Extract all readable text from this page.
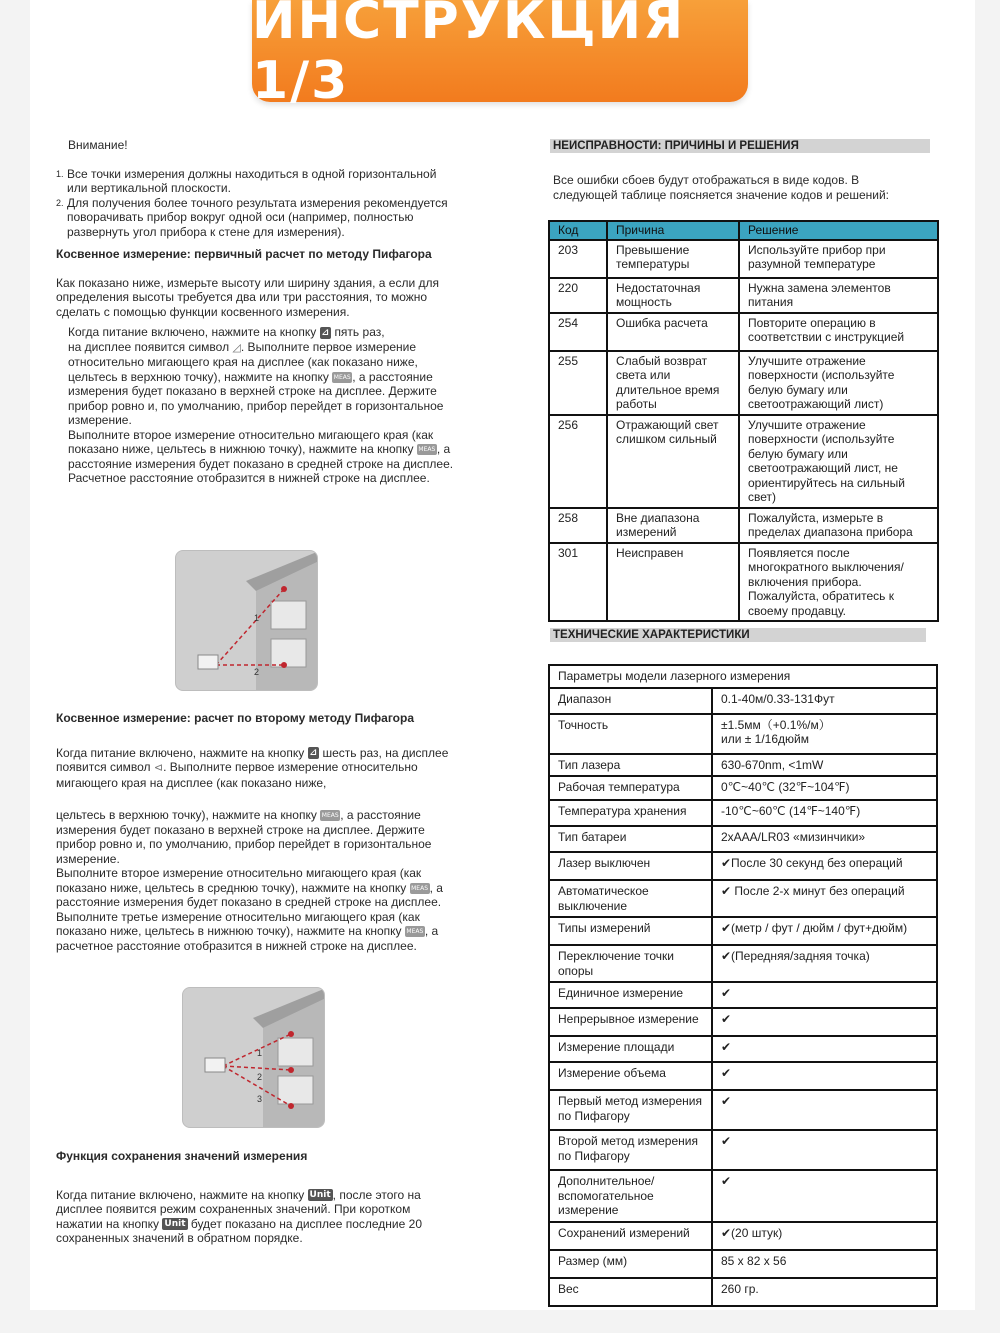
ИНСТРУКЦИЯ 1/3

Внимание!

1. Все точки измерения должны находиться в одной горизонтальной или вертикальной плоскости.
2. Для получения более точного результата измерения рекомендуется поворачивать прибор вокруг одной оси (например, полностью развернуть угол прибора к стене для измерения).

Косвенное измерение: первичный расчет по методу Пифагора

Как показано ниже, измерьте высоту или ширину здания, а если для определения высоты требуется два или три расстояния, то можно сделать с помощью функции косвенного измерения.

Когда питание включено, нажмите на кнопку ⊿ пять раз,

на дисплее появится символ ◿. Выполните первое измерение относительно мигающего края на дисплее (как показано ниже, цельтесь в верхнюю точку), нажмите на кнопку MEAS , а расстояние измерения будет показано в верхней строке на дисплее. Держите прибор ровно и, по умолчанию, прибор перейдет в горизонтальное измерение.

Выполните второе измерение относительно мигающего края (как показано ниже, цельтесь в нижнюю точку), нажмите на кнопку MEAS , а расстояние измерения будет показано в средней строке на дисплее.

Расчетное расстояние отобразится в нижней строке на дисплее.

1
2

Косвенное измерение: расчет по второму методу Пифагора

Когда питание включено, нажмите на кнопку ⊿ шесть раз, на дисплее появится символ ⊲. Выполните первое измерение относительно мигающего края на дисплее (как показано ниже,

цельтесь в верхнюю точку), нажмите на кнопку MEAS , а расстояние измерения будет показано в верхней строке на дисплее. Держите прибор ровно и, по умолчанию, прибор перейдет в горизонтальное измерение.

Выполните второе измерение относительно мигающего края (как показано ниже, цельтесь в среднюю точку), нажмите на кнопку MEAS , а расстояние измерения будет показано в средней строке на дисплее.

Выполните третье измерение относительно мигающего края (как показано ниже, цельтесь в нижнюю точку), нажмите на кнопку MEAS , а расчетное расстояние отобразится в нижней строке на дисплее.

1
2
3

Функция сохранения значений измерения

Когда питание включено, нажмите на кнопку Unit , после этого на дисплее появится режим сохраненных значений. При коротком нажатии на кнопку Unit будет показано на дисплее последние 20 сохраненных значений в обратном порядке.

НЕИСПРАВНОСТИ: ПРИЧИНЫ И РЕШЕНИЯ

Все ошибки сбоев будут отображаться в виде кодов. В следующей таблице поясняется значение кодов и решений:

Код	Причина	Решение
203	Превышение температуры	Используйте прибор при разумной температуре
220	Недостаточная мощность	Нужна замена элементов питания
254	Ошибка расчета	Повторите операцию в соответствии с инструкцией
255	Слабый возврат света или длительное время работы	Улучшите отражение поверхности (используйте белую бумагу или светоотражающий лист)
256	Отражающий свет слишком сильный	Улучшите отражение поверхности (используйте белую бумагу или светоотражающий лист, не ориентируйтесь на сильный свет)
258	Вне диапазона измерений	Пожалуйста, измерьте в пределах диапазона прибора
301	Неисправен	Появляется после многократного выключения/включения прибора. Пожалуйста, обратитесь к своему продавцу.
ТЕХНИЧЕСКИЕ ХАРАКТЕРИСТИКИ
Параметры модели лазерного измерения	
Диапазон	0.1-40м/0.33-131Фут
Точность	±1.5мм（+0.1%/м）
или ± 1/16дюйм
Тип лазера	630-670nm, <1mW
Рабочая температура	0℃~40℃ (32℉~104℉)
Температура хранения	-10℃~60℃ (14℉~140℉)
Тип батареи	2xAAA/LR03 «мизинчики»
Лазер выключен	✔После 30 секунд без операций
Автоматическое выключение	✔ После 2-х минут без операций
Типы измерений	✔(метр / фут / дюйм / фут+дюйм)
Переключение точки опоры	✔(Передняя/задняя точка)
Единичное измерение	✔
Непрерывное измерение	✔
Измерение площади	✔
Измерение объема	✔
Первый метод измерения по Пифагору	✔
Второй метод измерения по Пифагору	✔
Дополнительное/вспомогательное измерение	✔
Сохранений измерений	✔(20 штук)
Размер (мм)	85 x 82 x 56
Вес	260 гр.
